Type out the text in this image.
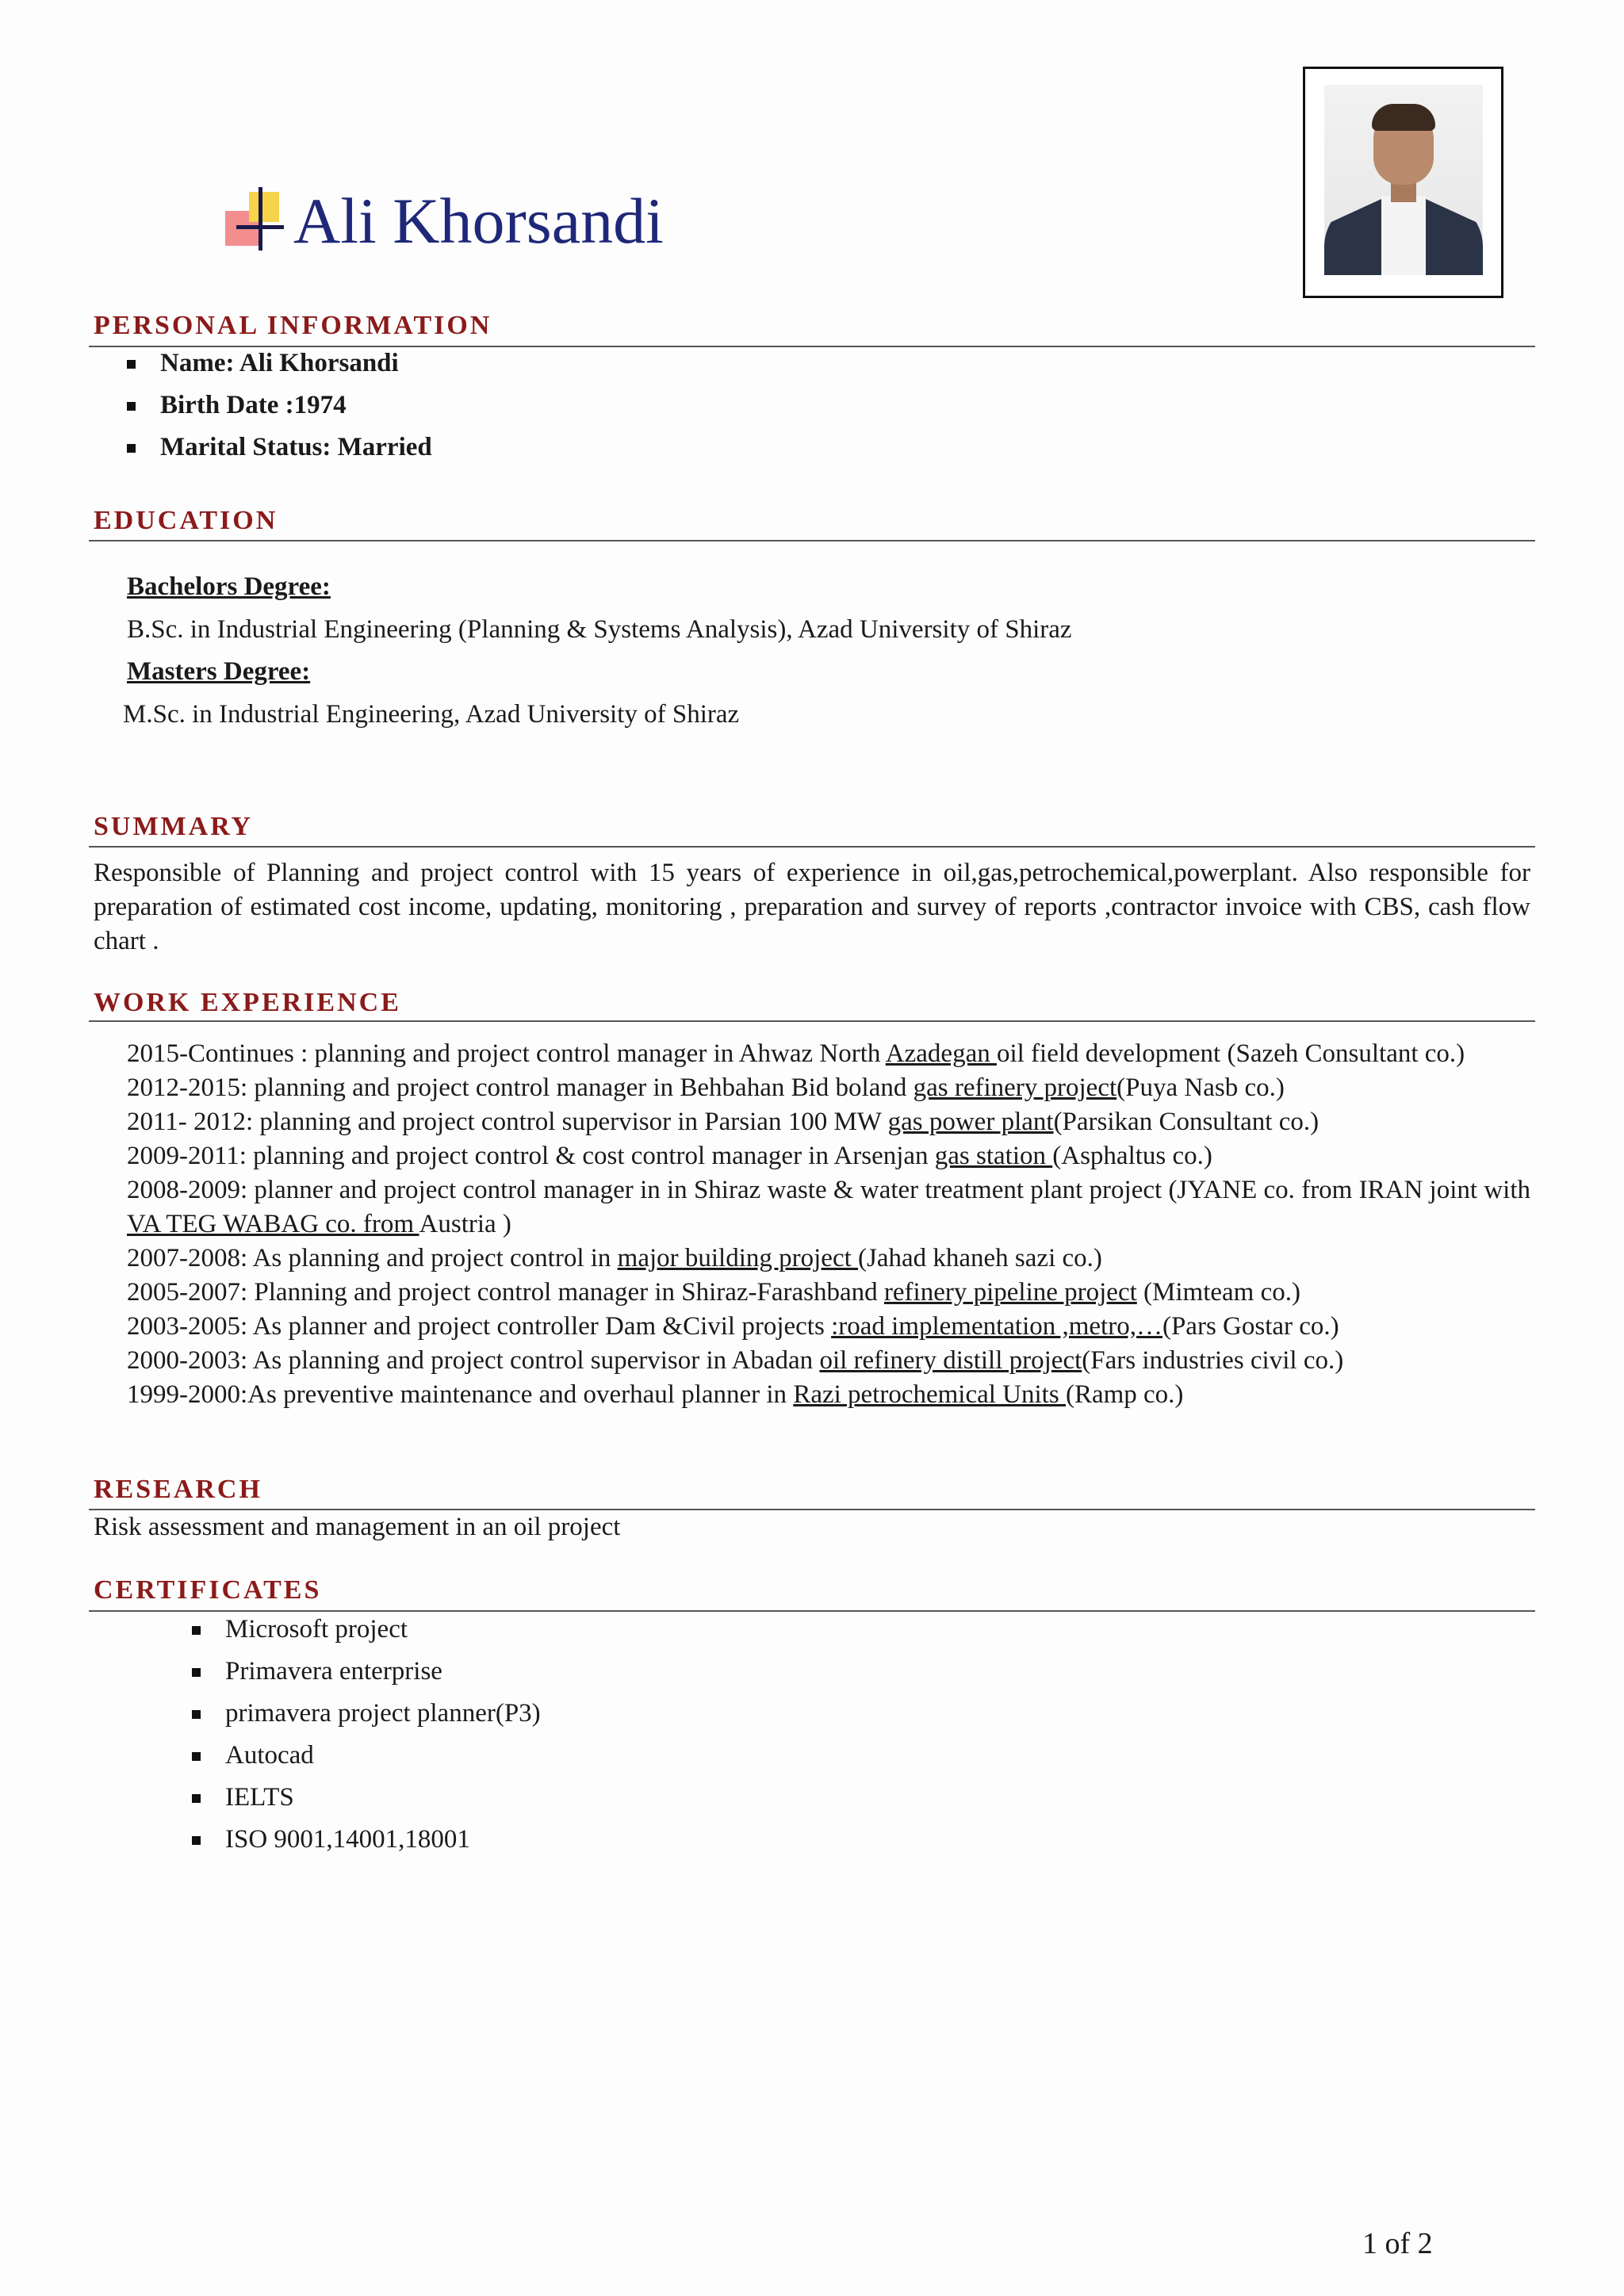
Ali Khorsandi
PERSONAL INFORMATION
Name: Ali Khorsandi
Birth Date :1974
Marital Status: Married
EDUCATION
Bachelors Degree:
B.Sc. in Industrial Engineering (Planning & Systems Analysis), Azad University of Shiraz
Masters Degree:
M.Sc. in Industrial Engineering, Azad University of Shiraz
SUMMARY
Responsible of Planning and project control with 15 years of experience in oil,gas,petrochemical,powerplant. Also responsible for preparation of estimated cost income, updating, monitoring , preparation and survey of reports ,contractor invoice with CBS, cash flow chart .
WORK EXPERIENCE
2015-Continues : planning and project control manager in Ahwaz North Azadegan oil field development (Sazeh Consultant co.)
2012-2015: planning and project control manager in Behbahan Bid boland gas refinery project(Puya Nasb co.)
2011- 2012: planning and project control supervisor in Parsian 100 MW gas power plant(Parsikan Consultant co.)
2009-2011: planning and project control & cost control manager in Arsenjan gas station (Asphaltus co.)
2008-2009: planner and project control manager in in Shiraz waste & water treatment plant project (JYANE co. from IRAN joint with VA TEG WABAG co. from Austria )
2007-2008: As planning and project control in major building project (Jahad khaneh sazi co.)
2005-2007: Planning and project control manager in Shiraz-Farashband refinery pipeline project (Mimteam co.)
2003-2005: As planner and project controller Dam &Civil projects :road implementation ,metro,…(Pars Gostar co.)
2000-2003: As planning and project control supervisor in Abadan oil refinery distill project(Fars industries civil co.)
1999-2000:As preventive maintenance and overhaul planner in Razi petrochemical Units (Ramp co.)
RESEARCH
Risk assessment and management in an oil project
CERTIFICATES
Microsoft project
Primavera enterprise
primavera project planner(P3)
Autocad
IELTS
ISO 9001,14001,18001
1 of 2
